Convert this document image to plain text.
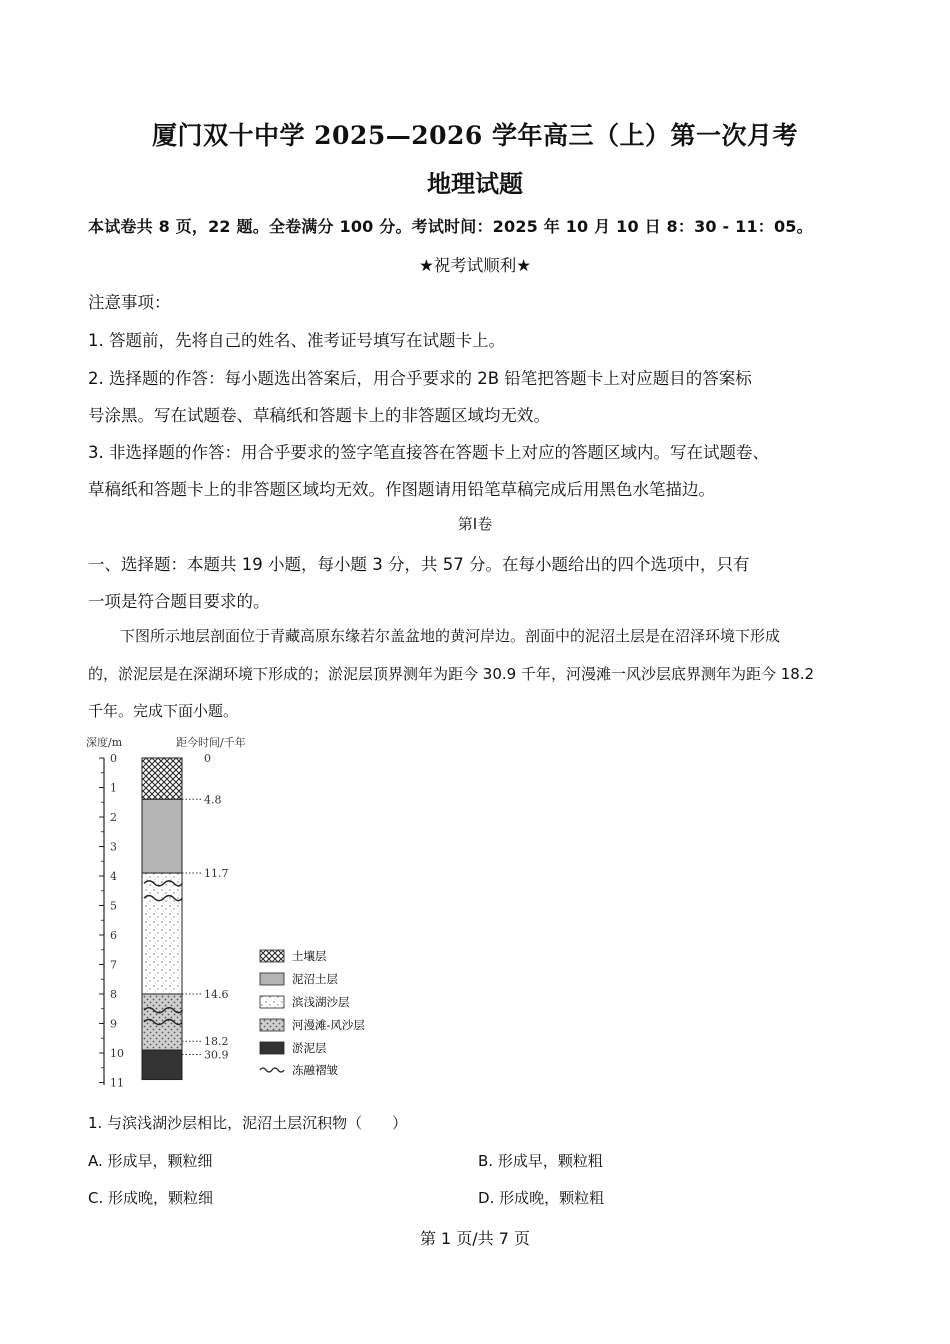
厦门双十中学 2025—2026 学年高三（上）第一次月考
地理试题
本试卷共 8 页，22 题。全卷满分 100 分。考试时间：2025 年 10 月 10 日 8：30 - 11：05。
★祝考试顺利★
注意事项：
1. 答题前，先将自己的姓名、准考证号填写在试题卡上。
2. 选择题的作答：每小题选出答案后，用合乎要求的 2B 铅笔把答题卡上对应题目的答案标
号涂黑。写在试题卷、草稿纸和答题卡上的非答题区域均无效。
3. 非选择题的作答：用合乎要求的签字笔直接答在答题卡上对应的答题区域内。写在试题卷、
草稿纸和答题卡上的非答题区域均无效。作图题请用铅笔草稿完成后用黑色水笔描边。
第Ⅰ卷
一、选择题：本题共 19 小题，每小题 3 分，共 57 分。在每小题给出的四个选项中，只有
一项是符合题目要求的。
下图所示地层剖面位于青藏高原东缘若尔盖盆地的黄河岸边。剖面中的泥沼土层是在沼泽环境下形成
的，淤泥层是在深湖环境下形成的；淤泥层顶界测年为距今 30.9 千年，河漫滩一风沙层底界测年为距今 18.2
千年。完成下面小题。
深度/m	距今时间/千年
0
1
2
3
4
5
6
7
8
9
10
11
0
4.8
11.7
14.6
18.2
30.9
土壤层
泥沼土层
滨浅湖沙层
河漫滩-风沙层
淤泥层
冻融褶皱
1. 与滨浅湖沙层相比，泥沼土层沉积物（　　）
A. 形成早，颗粒细	B. 形成早，颗粒粗
C. 形成晚，颗粒细	D. 形成晚，颗粒粗
第 1 页/共 7 页
